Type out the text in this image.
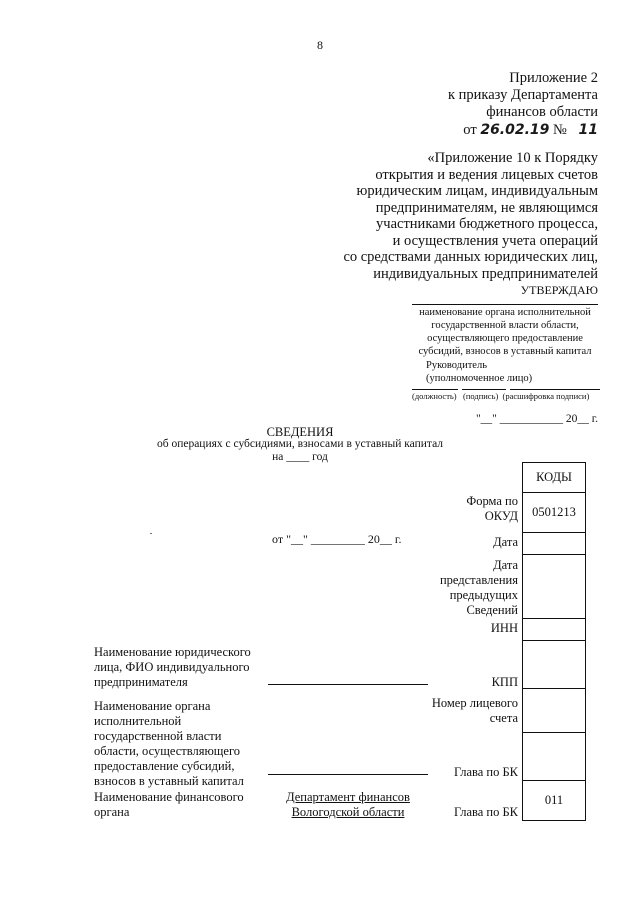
8
Приложение 2
к приказу Департамента
финансов области
от 26.02.19 № 11
«Приложение 10 к Порядку
открытия и ведения лицевых счетов
юридическим лицам, индивидуальным
предпринимателям, не являющимся
участниками бюджетного процесса,
и осуществления учета операций
со средствами данных юридических лиц,
индивидуальных предпринимателей
УТВЕРЖДАЮ
наименование органа исполнительной
государственной власти области,
осуществляющего предоставление
субсидий, взносов в уставный капитал
Руководитель
(уполномоченное лицо)
(должность)   (подпись)  (расшифровка подписи)
"__" ___________ 20__ г.
СВЕДЕНИЯ
об операциях с субсидиями, взносами в уставный капитал
на ____ год
от "__" _________ 20__ г.
КОДЫ
0501213
011
Форма по ОКУД
Дата
Дата представления предыдущих Сведений
ИНН
КПП
Номер лицевого счета
Глава по БК
Глава по БК
Наименование юридического лица, ФИО индивидуального предпринимателя
Наименование органа исполнительной государственной власти области, осуществляющего предоставление субсидий, взносов в уставный капитал
Наименование финансового органа
Департамент финансов
Вологодской области
